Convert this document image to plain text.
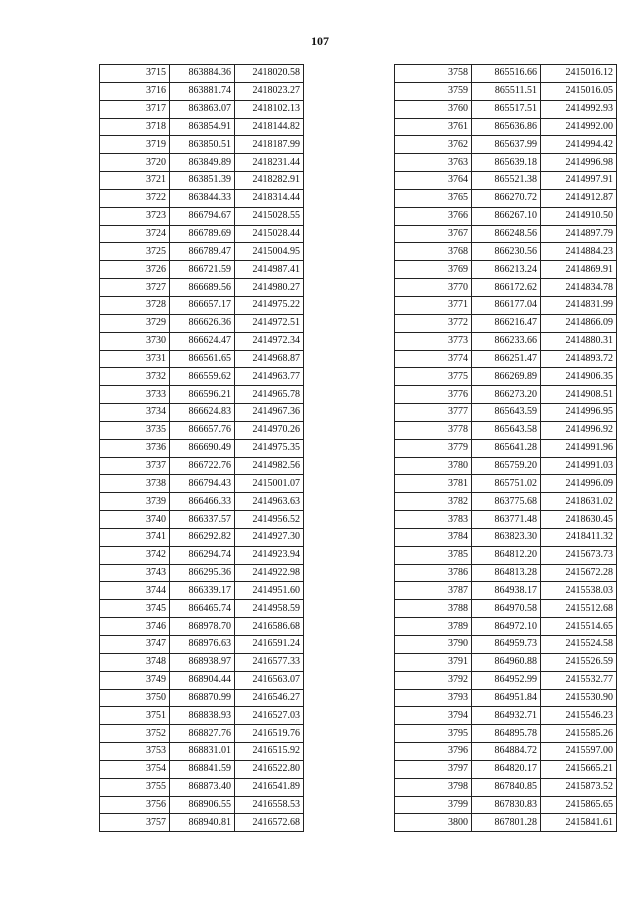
107
3715	863884.36	2418020.58
3716	863881.74	2418023.27
3717	863863.07	2418102.13
3718	863854.91	2418144.82
3719	863850.51	2418187.99
3720	863849.89	2418231.44
3721	863851.39	2418282.91
3722	863844.33	2418314.44
3723	866794.67	2415028.55
3724	866789.69	2415028.44
3725	866789.47	2415004.95
3726	866721.59	2414987.41
3727	866689.56	2414980.27
3728	866657.17	2414975.22
3729	866626.36	2414972.51
3730	866624.47	2414972.34
3731	866561.65	2414968.87
3732	866559.62	2414963.77
3733	866596.21	2414965.78
3734	866624.83	2414967.36
3735	866657.76	2414970.26
3736	866690.49	2414975.35
3737	866722.76	2414982.56
3738	866794.43	2415001.07
3739	866466.33	2414963.63
3740	866337.57	2414956.52
3741	866292.82	2414927.30
3742	866294.74	2414923.94
3743	866295.36	2414922.98
3744	866339.17	2414951.60
3745	866465.74	2414958.59
3746	868978.70	2416586.68
3747	868976.63	2416591.24
3748	868938.97	2416577.33
3749	868904.44	2416563.07
3750	868870.99	2416546.27
3751	868838.93	2416527.03
3752	868827.76	2416519.76
3753	868831.01	2416515.92
3754	868841.59	2416522.80
3755	868873.40	2416541.89
3756	868906.55	2416558.53
3757	868940.81	2416572.68
3758	865516.66	2415016.12
3759	865511.51	2415016.05
3760	865517.51	2414992.93
3761	865636.86	2414992.00
3762	865637.99	2414994.42
3763	865639.18	2414996.98
3764	865521.38	2414997.91
3765	866270.72	2414912.87
3766	866267.10	2414910.50
3767	866248.56	2414897.79
3768	866230.56	2414884.23
3769	866213.24	2414869.91
3770	866172.62	2414834.78
3771	866177.04	2414831.99
3772	866216.47	2414866.09
3773	866233.66	2414880.31
3774	866251.47	2414893.72
3775	866269.89	2414906.35
3776	866273.20	2414908.51
3777	865643.59	2414996.95
3778	865643.58	2414996.92
3779	865641.28	2414991.96
3780	865759.20	2414991.03
3781	865751.02	2414996.09
3782	863775.68	2418631.02
3783	863771.48	2418630.45
3784	863823.30	2418411.32
3785	864812.20	2415673.73
3786	864813.28	2415672.28
3787	864938.17	2415538.03
3788	864970.58	2415512.68
3789	864972.10	2415514.65
3790	864959.73	2415524.58
3791	864960.88	2415526.59
3792	864952.99	2415532.77
3793	864951.84	2415530.90
3794	864932.71	2415546.23
3795	864895.78	2415585.26
3796	864884.72	2415597.00
3797	864820.17	2415665.21
3798	867840.85	2415873.52
3799	867830.83	2415865.65
3800	867801.28	2415841.61
